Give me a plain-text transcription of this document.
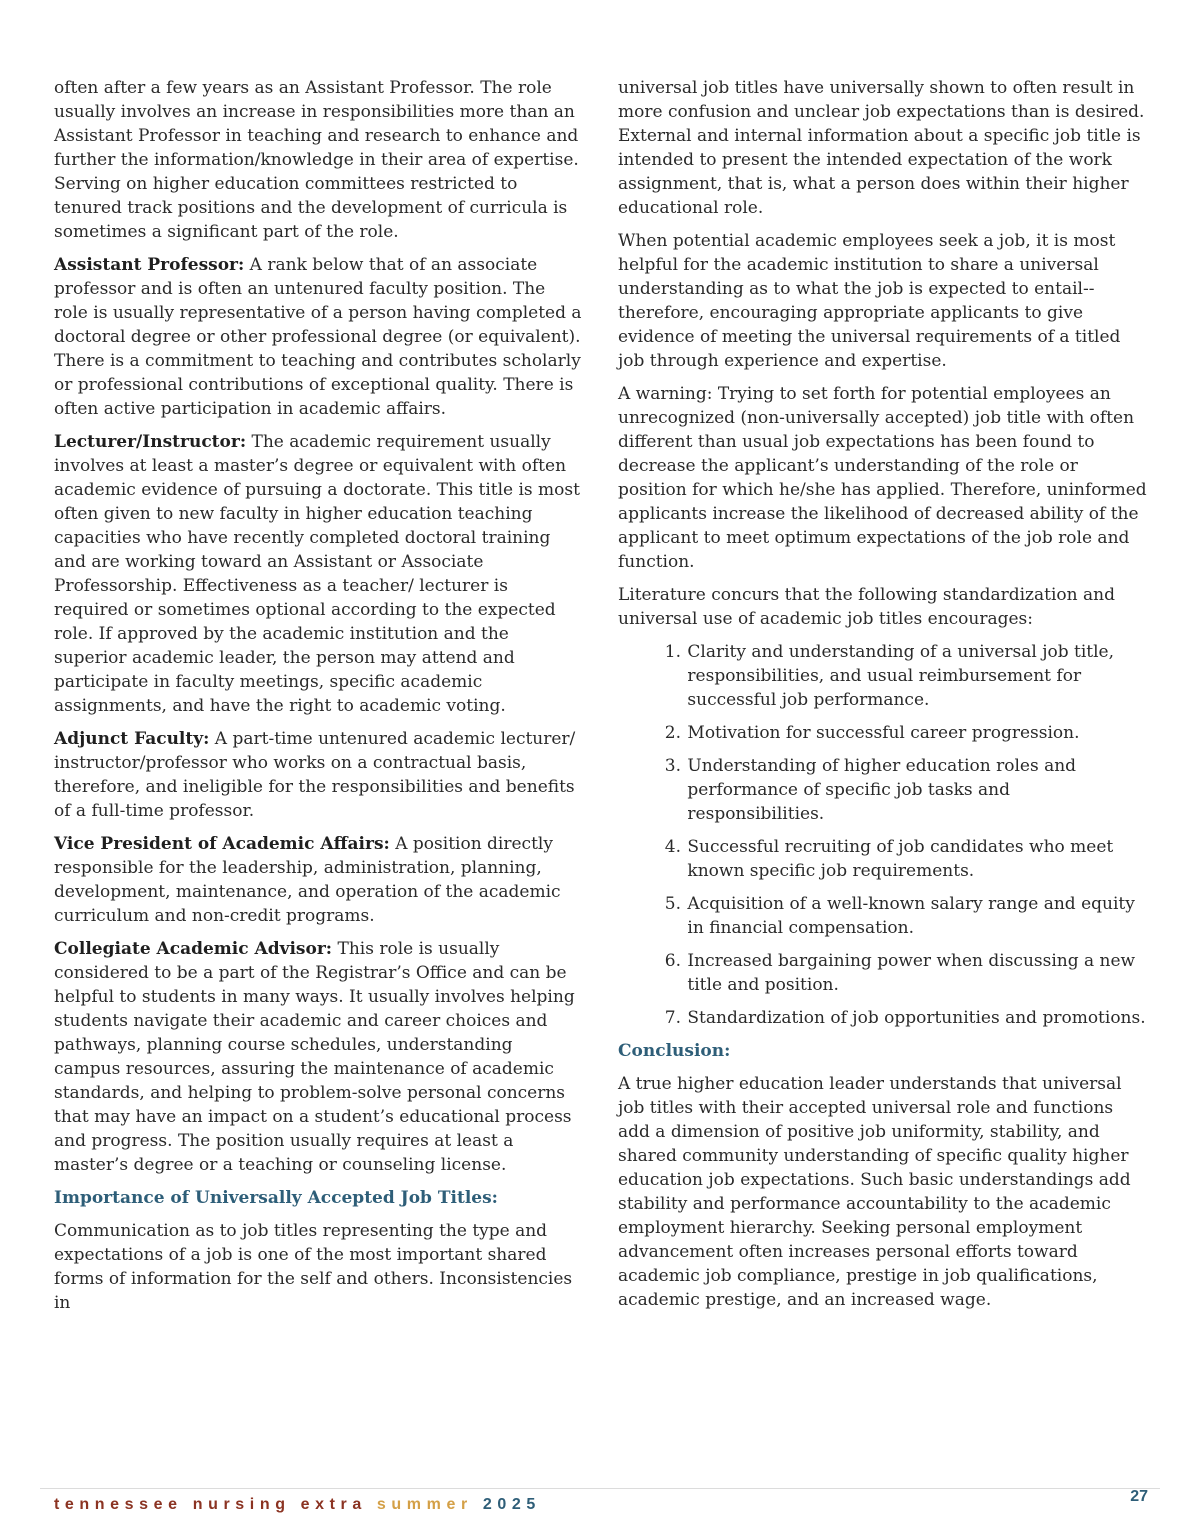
often after a few years as an Assistant Professor. The role usually involves an increase in responsibilities more than an Assistant Professor in teaching and research to enhance and further the information/knowledge in their area of expertise. Serving on higher education committees restricted to tenured track positions and the development of curricula is sometimes a significant part of the role.

Assistant Professor: A rank below that of an associate professor and is often an untenured faculty position. The role is usually representative of a person having completed a doctoral degree or other professional degree (or equivalent). There is a commitment to teaching and contributes scholarly or professional contributions of exceptional quality. There is often active participation in academic affairs.

Lecturer/Instructor: The academic requirement usually involves at least a master’s degree or equivalent with often academic evidence of pursuing a doctorate. This title is most often given to new faculty in higher education teaching capacities who have recently completed doctoral training and are working toward an Assistant or Associate Professorship. Effectiveness as a teacher/ lecturer is required or sometimes optional according to the expected role. If approved by the academic institution and the superior academic leader, the person may attend and participate in faculty meetings, specific academic assignments, and have the right to academic voting.

Adjunct Faculty: A part-time untenured academic lecturer/ instructor/professor who works on a contractual basis, therefore, and ineligible for the responsibilities and benefits of a full-time professor.

Vice President of Academic Affairs: A position directly responsible for the leadership, administration, planning, development, maintenance, and operation of the academic curriculum and non-credit programs.

Collegiate Academic Advisor: This role is usually considered to be a part of the Registrar’s Office and can be helpful to students in many ways. It usually involves helping students navigate their academic and career choices and pathways, planning course schedules, understanding campus resources, assuring the maintenance of academic standards, and helping to problem-solve personal concerns that may have an impact on a student’s educational process and progress. The position usually requires at least a master’s degree or a teaching or counseling license.

Importance of Universally Accepted Job Titles:

Communication as to job titles representing the type and expectations of a job is one of the most important shared forms of information for the self and others. Inconsistencies in

universal job titles have universally shown to often result in more confusion and unclear job expectations than is desired. External and internal information about a specific job title is intended to present the intended expectation of the work assignment, that is, what a person does within their higher educational role.

When potential academic employees seek a job, it is most helpful for the academic institution to share a universal understanding as to what the job is expected to entail-- therefore, encouraging appropriate applicants to give evidence of meeting the universal requirements of a titled job through experience and expertise.

A warning: Trying to set forth for potential employees an unrecognized (non-universally accepted) job title with often different than usual job expectations has been found to decrease the applicant’s understanding of the role or position for which he/she has applied. Therefore, uninformed applicants increase the likelihood of decreased ability of the applicant to meet optimum expectations of the job role and function.

Literature concurs that the following standardization and universal use of academic job titles encourages:

1.
Clarity and understanding of a universal job title, responsibilities, and usual reimbursement for successful job performance.
2.
Motivation for successful career progression.
3.
Understanding of higher education roles and performance of specific job tasks and responsibilities.
4.
Successful recruiting of job candidates who meet known specific job requirements.
5.
Acquisition of a well-known salary range and equity in financial compensation.
6.
Increased bargaining power when discussing a new title and position.
7.
Standardization of job opportunities and promotions.

Conclusion:

A true higher education leader understands that universal job titles with their accepted universal role and functions add a dimension of positive job uniformity, stability, and shared community understanding of specific quality higher education job expectations. Such basic understandings add stability and performance accountability to the academic employment hierarchy. Seeking personal employment advancement often increases personal efforts toward academic job compliance, prestige in job qualifications, academic prestige, and an increased wage.

tennessee nursing extra summer 2025	27
